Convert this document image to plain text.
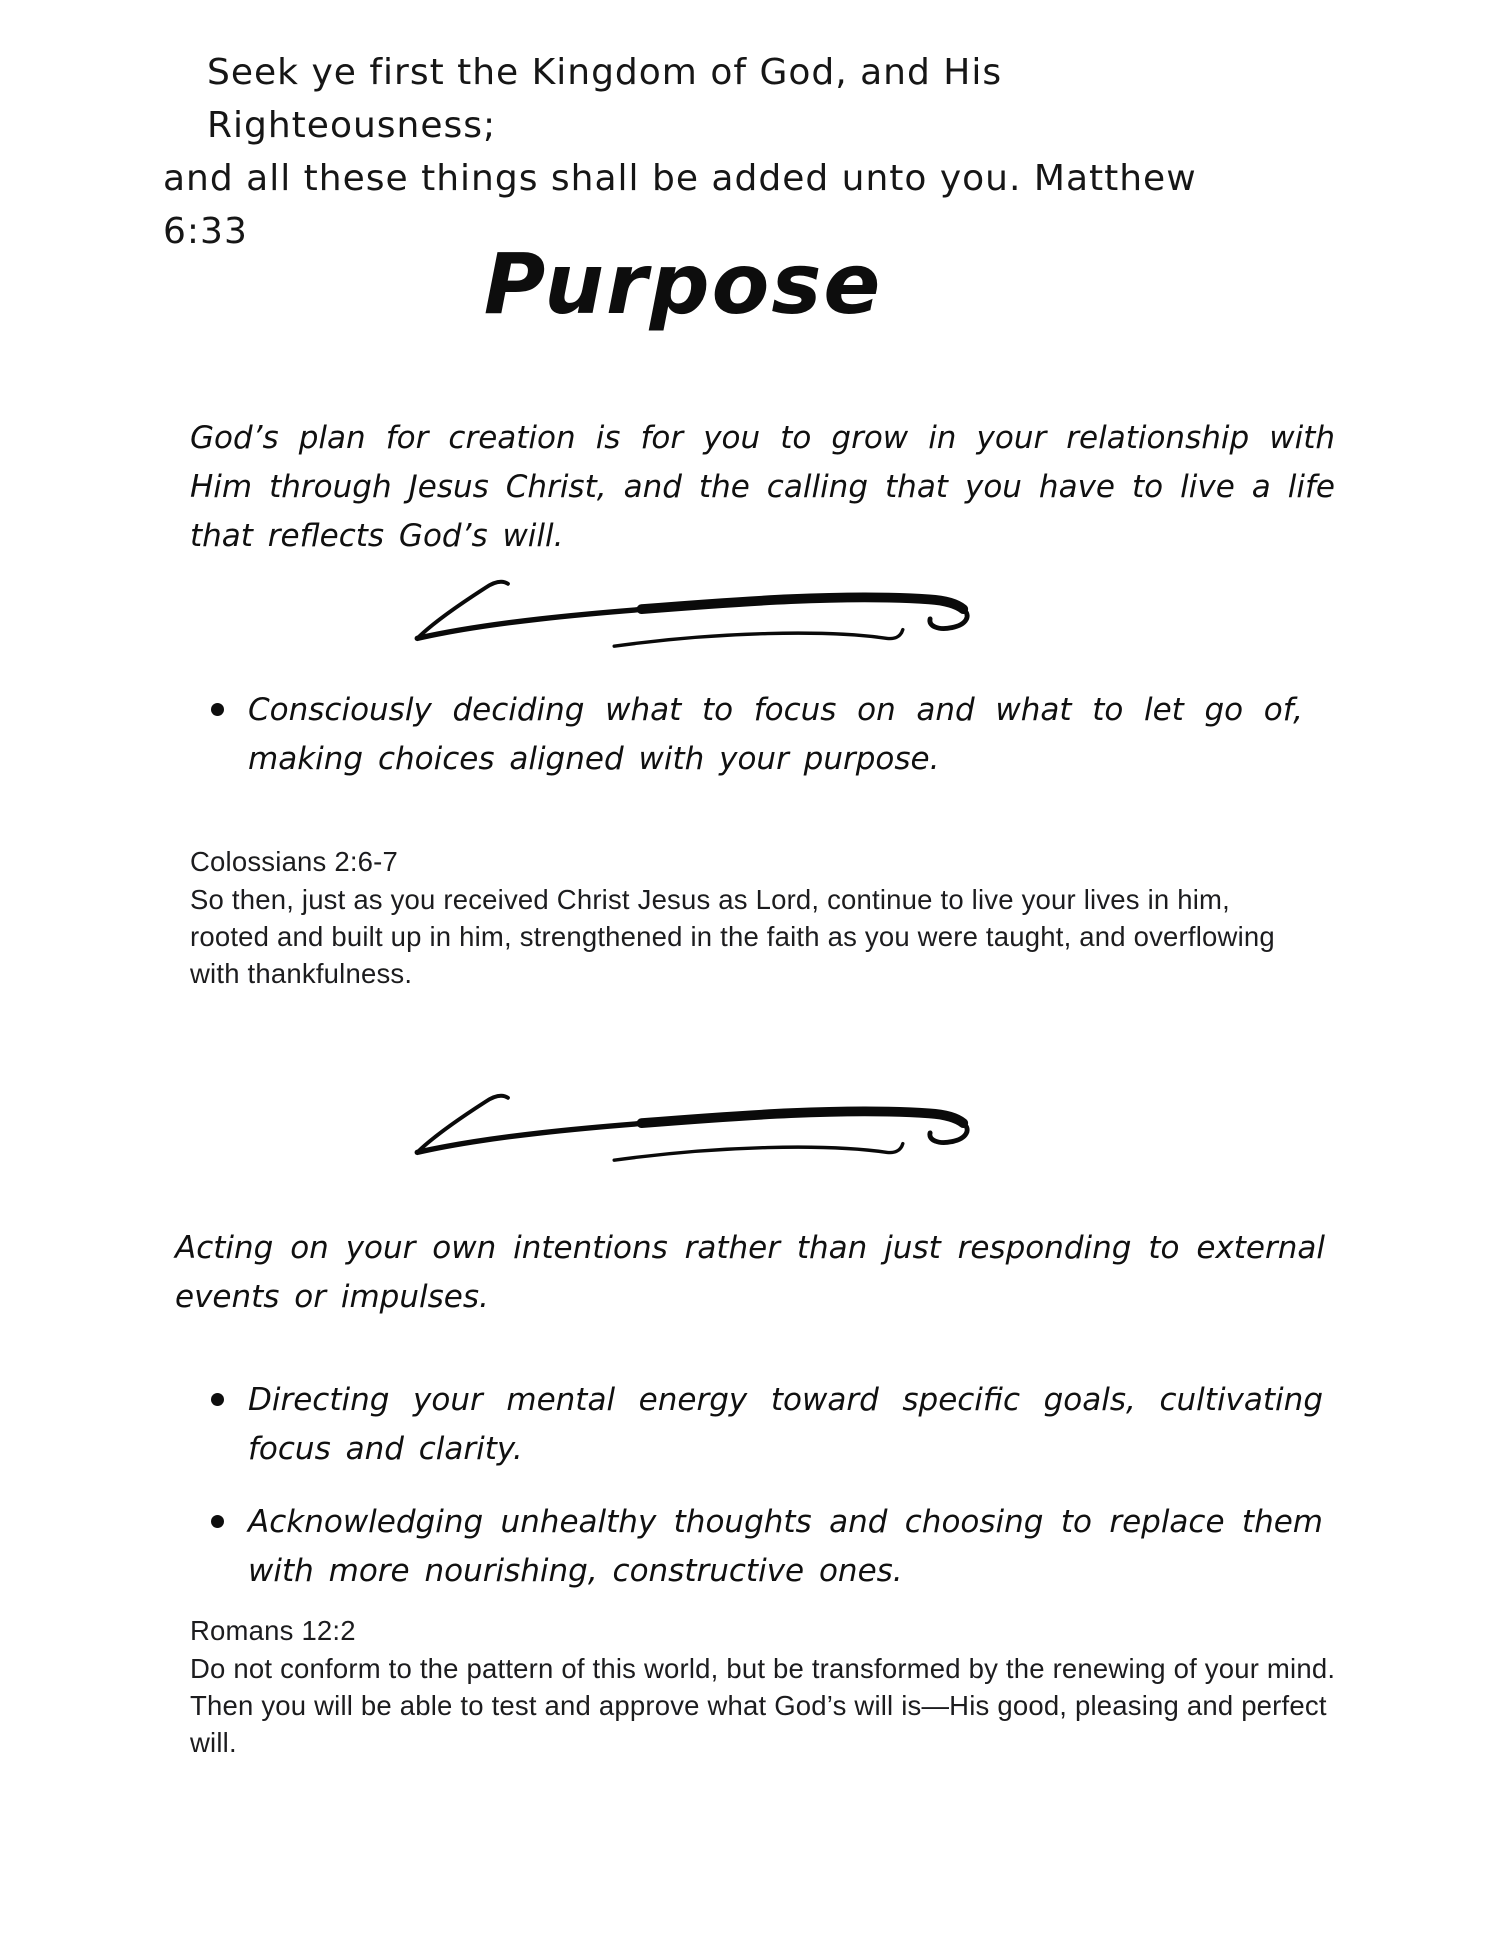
Seek ye first the Kingdom of God, and His Righteousness;
and all these things shall be added unto you. Matthew 6:33
Purpose

God’s plan for creation is for you to grow in your relationship with Him through Jesus Christ, and the calling that you have to live a life that reflects God’s will.

Consciously deciding what to focus on and what to let go of, making choices aligned with your purpose.

Colossians 2:6-7
So then, just as you received Christ Jesus as Lord, continue to live your lives in him, rooted and built up in him, strengthened in the faith as you were taught, and overflowing with thankfulness.

Acting on your own intentions rather than just responding to external events or impulses.

Directing your mental energy toward specific goals, cultivating focus and clarity.

Acknowledging unhealthy thoughts and choosing to replace them with more nourishing, constructive ones.

Romans 12:2
Do not conform to the pattern of this world, but be transformed by the renewing of your mind. Then you will be able to test and approve what God’s will is—His good, pleasing and perfect will.
